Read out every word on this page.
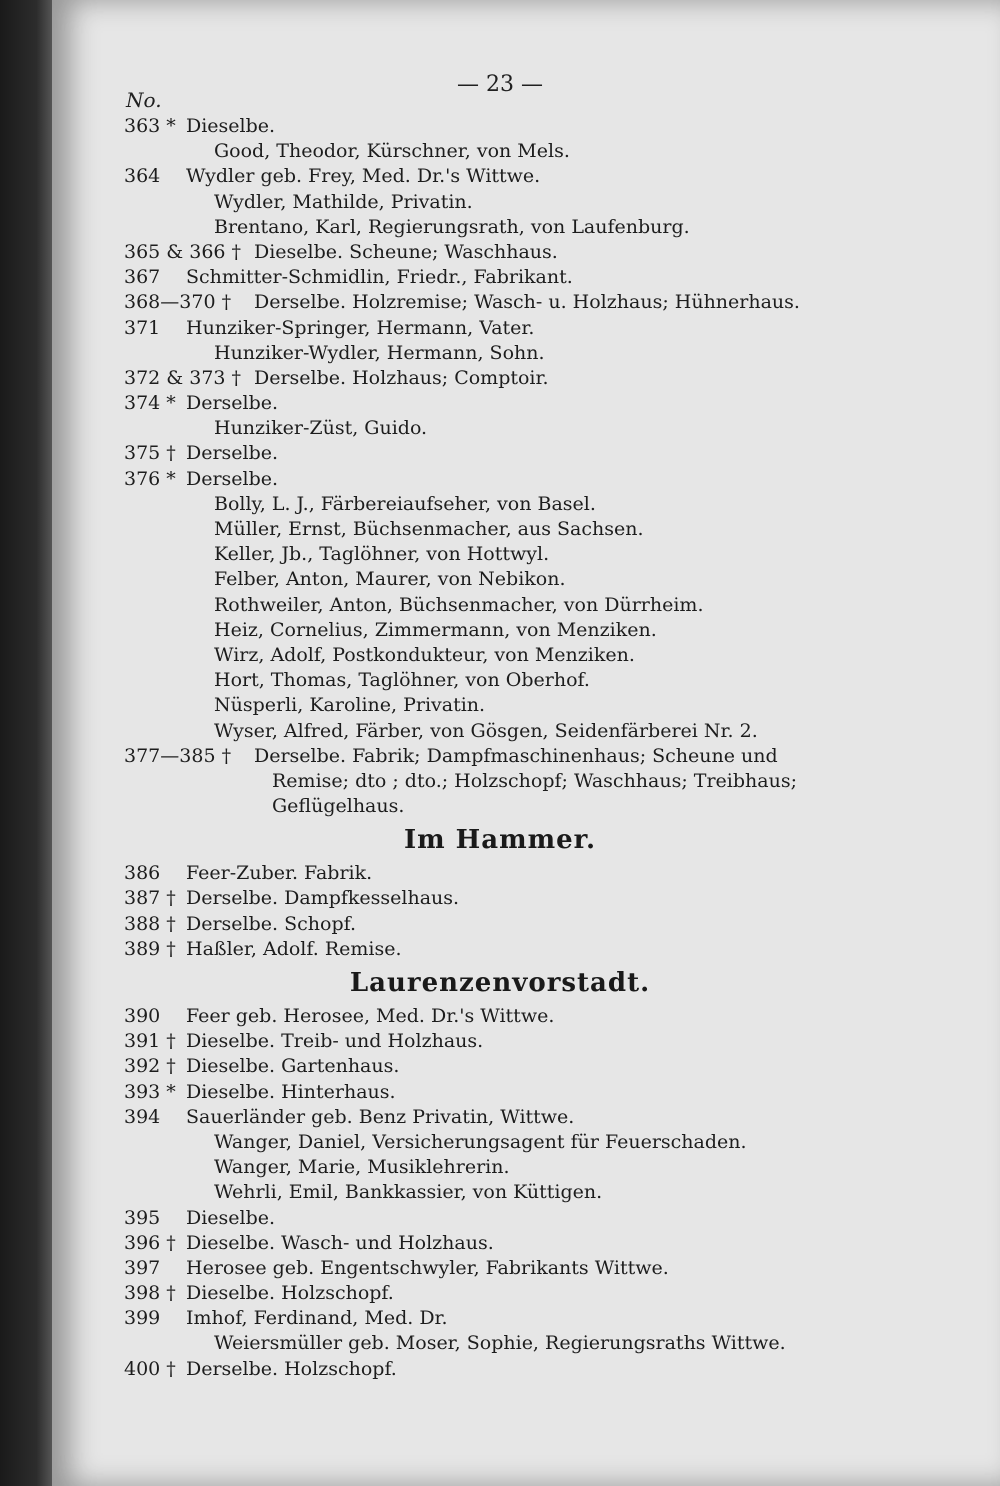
— 23 —
No.
363 * Dieselbe.
Good, Theodor, Kürschner, von Mels.
364 Wydler geb. Frey, Med. Dr.'s Wittwe.
Wydler, Mathilde, Privatin.
Brentano, Karl, Regierungsrath, von Laufenburg.
365 & 366 † Dieselbe. Scheune; Waschhaus.
367 Schmitter-Schmidlin, Friedr., Fabrikant.
368—370 † Derselbe. Holzremise; Wasch- u. Holzhaus; Hühnerhaus.
371 Hunziker-Springer, Hermann, Vater.
Hunziker-Wydler, Hermann, Sohn.
372 & 373 † Derselbe. Holzhaus; Comptoir.
374 * Derselbe.
Hunziker-Züst, Guido.
375 † Derselbe.
376 * Derselbe.
Bolly, L. J., Färbereiaufseher, von Basel.
Müller, Ernst, Büchsenmacher, aus Sachsen.
Keller, Jb., Taglöhner, von Hottwyl.
Felber, Anton, Maurer, von Nebikon.
Rothweiler, Anton, Büchsenmacher, von Dürrheim.
Heiz, Cornelius, Zimmermann, von Menziken.
Wirz, Adolf, Postkondukteur, von Menziken.
Hort, Thomas, Taglöhner, von Oberhof.
Nüsperli, Karoline, Privatin.
Wyser, Alfred, Färber, von Gösgen, Seidenfärberei Nr. 2.
377—385 † Derselbe. Fabrik; Dampfmaschinenhaus; Scheune und
Remise; dto ; dto.; Holzschopf; Waschhaus; Treibhaus;
Geflügelhaus.
Im Hammer.
386 Feer-Zuber. Fabrik.
387 † Derselbe. Dampfkesselhaus.
388 † Derselbe. Schopf.
389 † Haßler, Adolf. Remise.
Laurenzenvorstadt.
390 Feer geb. Herosee, Med. Dr.'s Wittwe.
391 † Dieselbe. Treib- und Holzhaus.
392 † Dieselbe. Gartenhaus.
393 * Dieselbe. Hinterhaus.
394 Sauerländer geb. Benz Privatin, Wittwe.
Wanger, Daniel, Versicherungsagent für Feuerschaden.
Wanger, Marie, Musiklehrerin.
Wehrli, Emil, Bankkassier, von Küttigen.
395 Dieselbe.
396 † Dieselbe. Wasch- und Holzhaus.
397 Herosee geb. Engentschwyler, Fabrikants Wittwe.
398 † Dieselbe. Holzschopf.
399 Imhof, Ferdinand, Med. Dr.
Weiersmüller geb. Moser, Sophie, Regierungsraths Wittwe.
400 † Derselbe. Holzschopf.
